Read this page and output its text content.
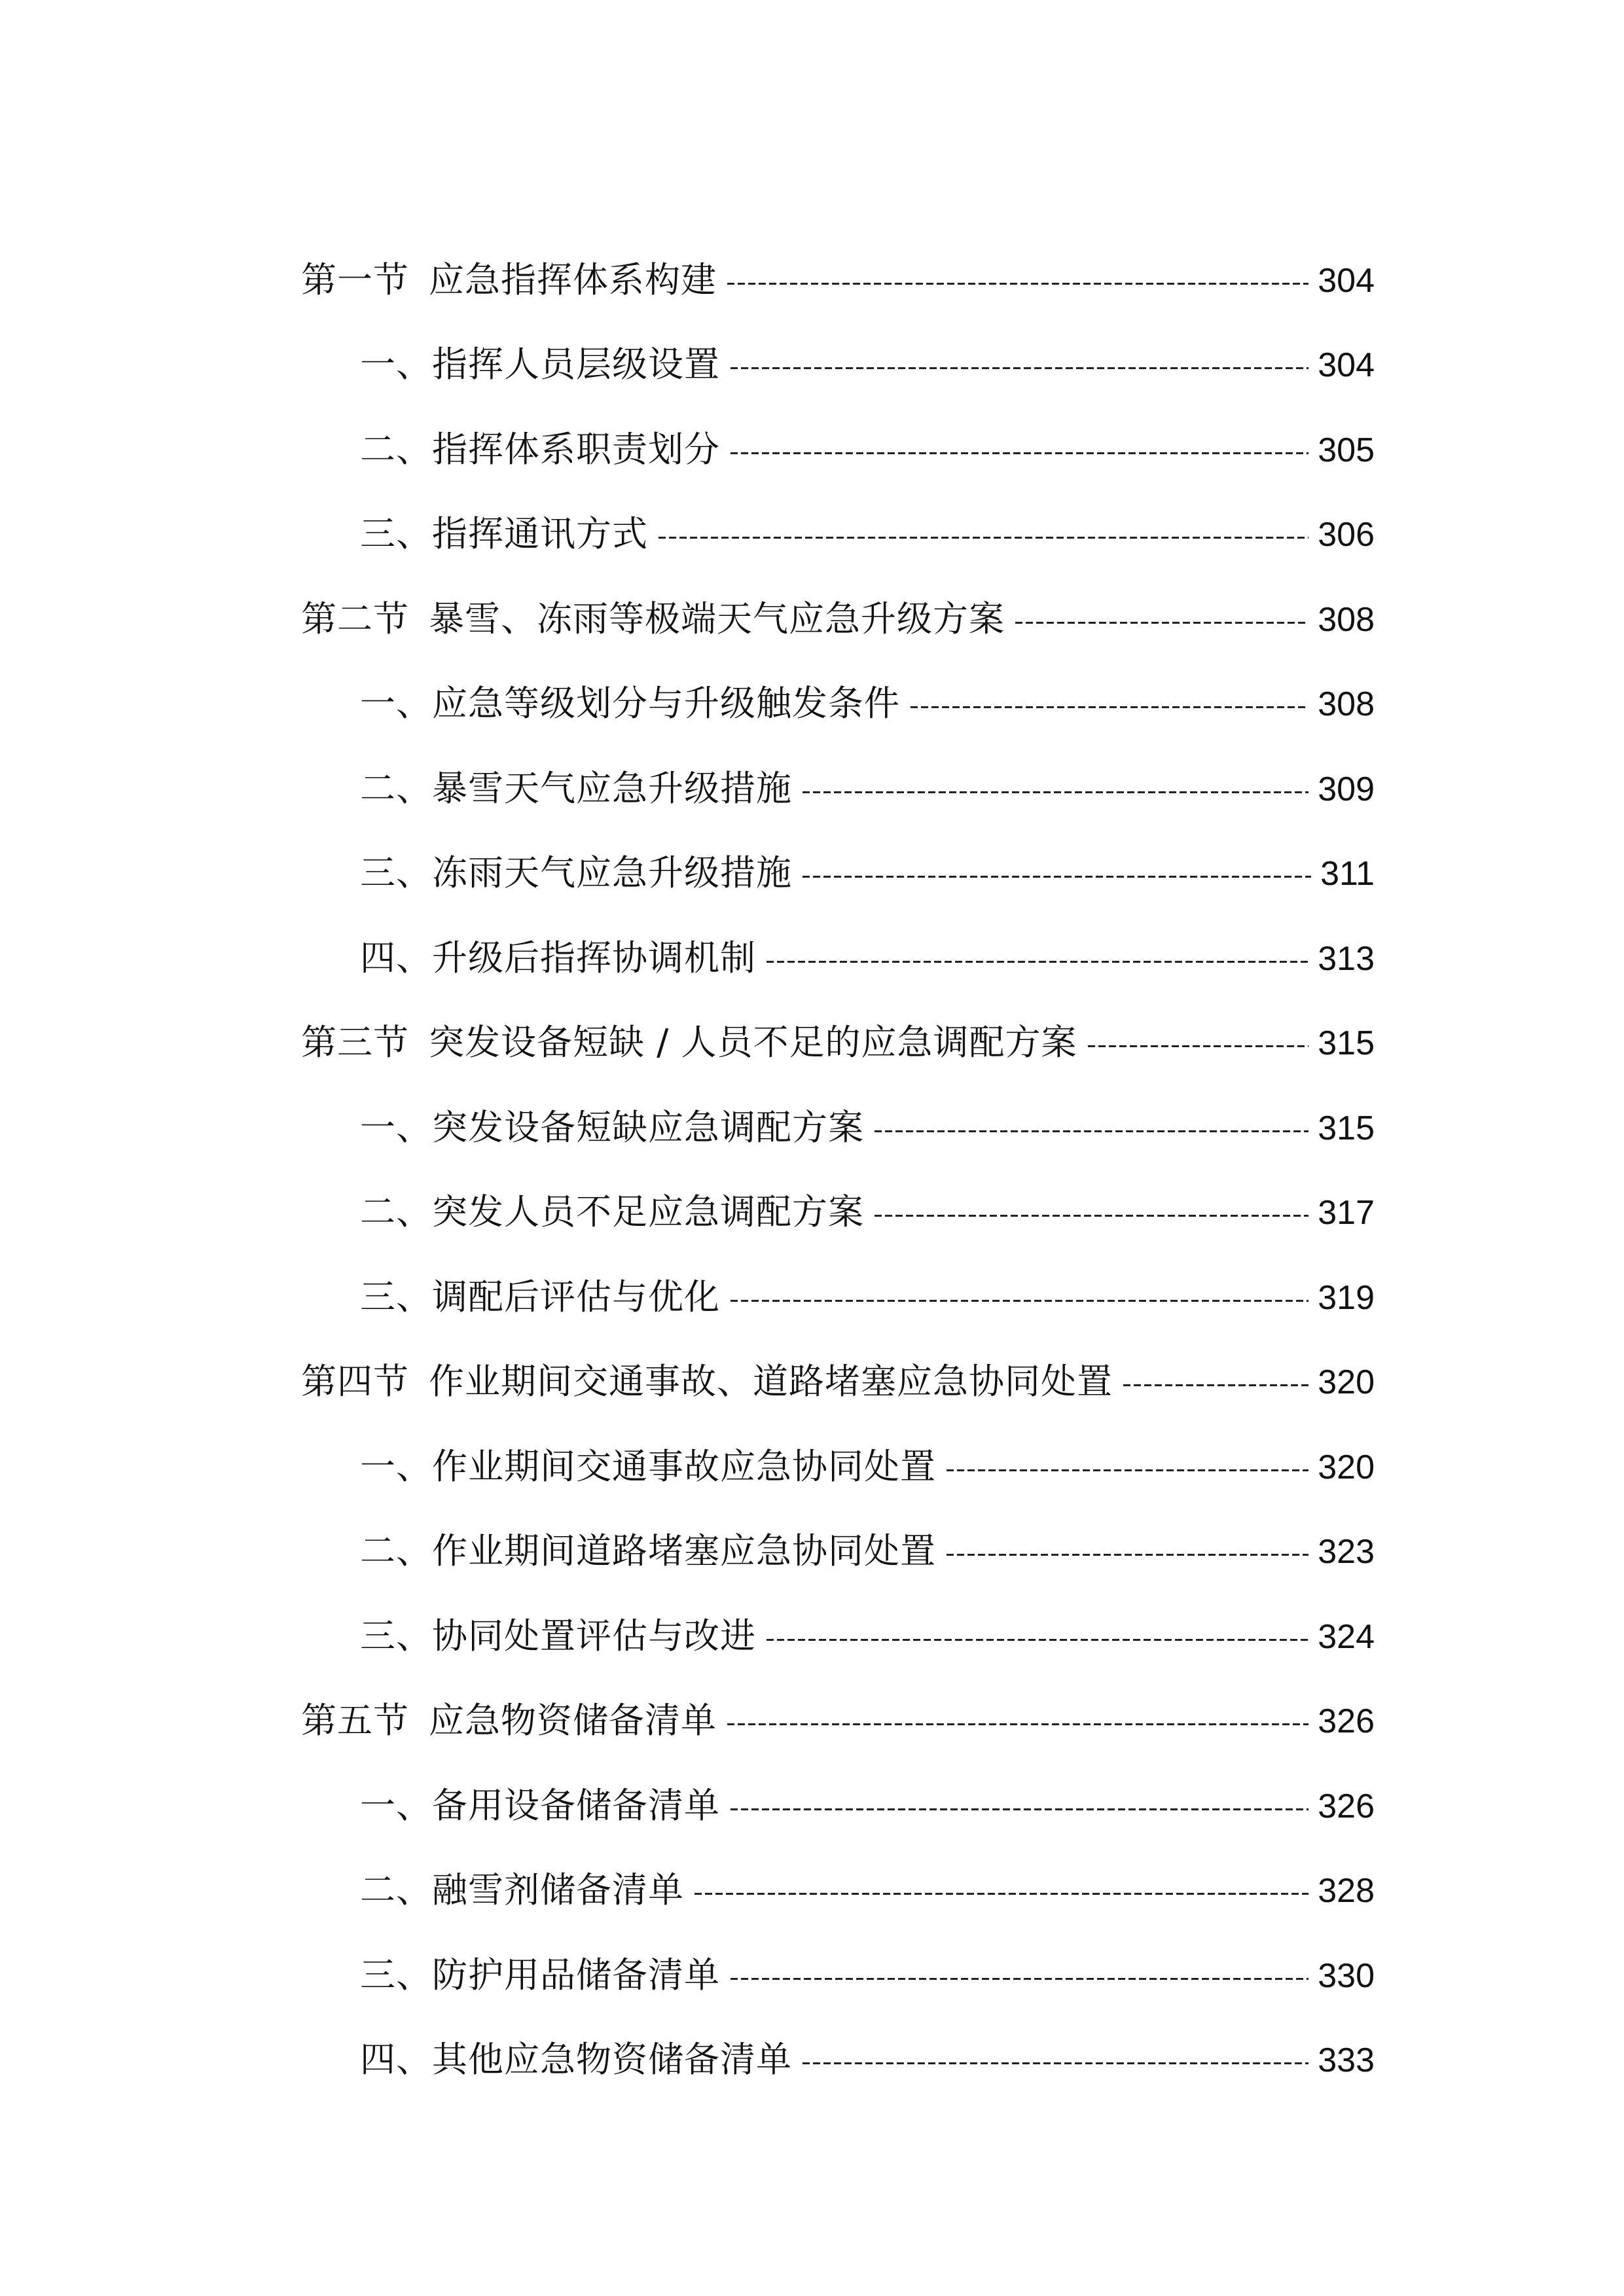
第一节 应急指挥体系构建	304
一、指挥人员层级设置	304
二、指挥体系职责划分	305
三、指挥通讯方式	306
第二节 暴雪、冻雨等极端天气应急升级方案	308
一、应急等级划分与升级触发条件	308
二、暴雪天气应急升级措施	309
三、冻雨天气应急升级措施	311
四、升级后指挥协调机制	313
第三节 突发设备短缺 / 人员不足的应急调配方案	315
一、突发设备短缺应急调配方案	315
二、突发人员不足应急调配方案	317
三、调配后评估与优化	319
第四节 作业期间交通事故、道路堵塞应急协同处置	320
一、作业期间交通事故应急协同处置	320
二、作业期间道路堵塞应急协同处置	323
三、协同处置评估与改进	324
第五节 应急物资储备清单	326
一、备用设备储备清单	326
二、融雪剂储备清单	328
三、防护用品储备清单	330
四、其他应急物资储备清单	333
